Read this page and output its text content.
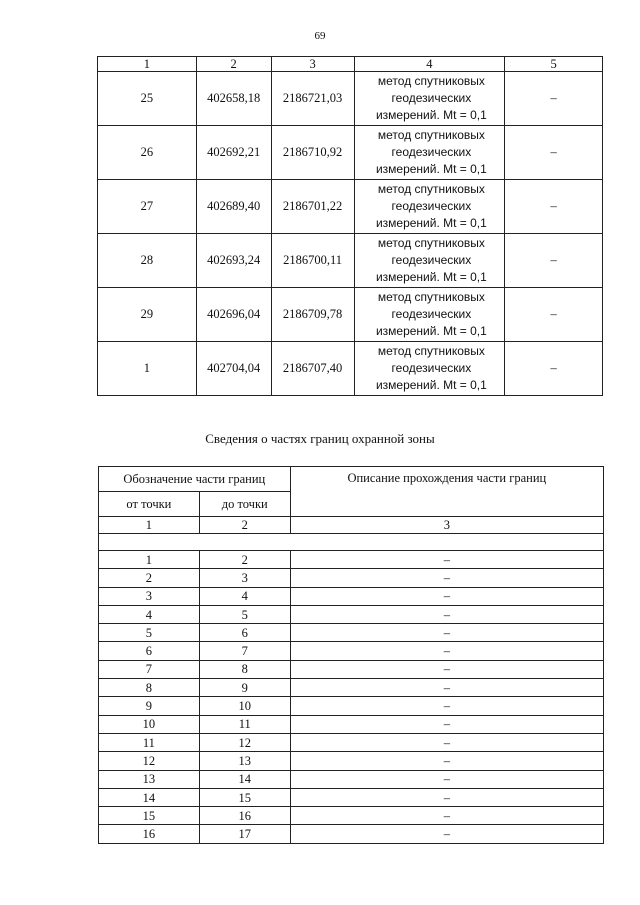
69
1	2	3	4	5
25	402658,18	2186721,03	метод спутниковых
геодезических
измерений. Mt = 0,1	–
26	402692,21	2186710,92	метод спутниковых
геодезических
измерений. Mt = 0,1	–
27	402689,40	2186701,22	метод спутниковых
геодезических
измерений. Mt = 0,1	–
28	402693,24	2186700,11	метод спутниковых
геодезических
измерений. Mt = 0,1	–
29	402696,04	2186709,78	метод спутниковых
геодезических
измерений. Mt = 0,1	–
1	402704,04	2186707,40	метод спутниковых
геодезических
измерений. Mt = 0,1	–
Сведения о частях границ охранной зоны
Обозначение части границ		Описание прохождения части границ
от точки	до точки	
1	2	3

1	2	–
2	3	–
3	4	–
4	5	–
5	6	–
6	7	–
7	8	–
8	9	–
9	10	–
10	11	–
11	12	–
12	13	–
13	14	–
14	15	–
15	16	–
16	17	–
